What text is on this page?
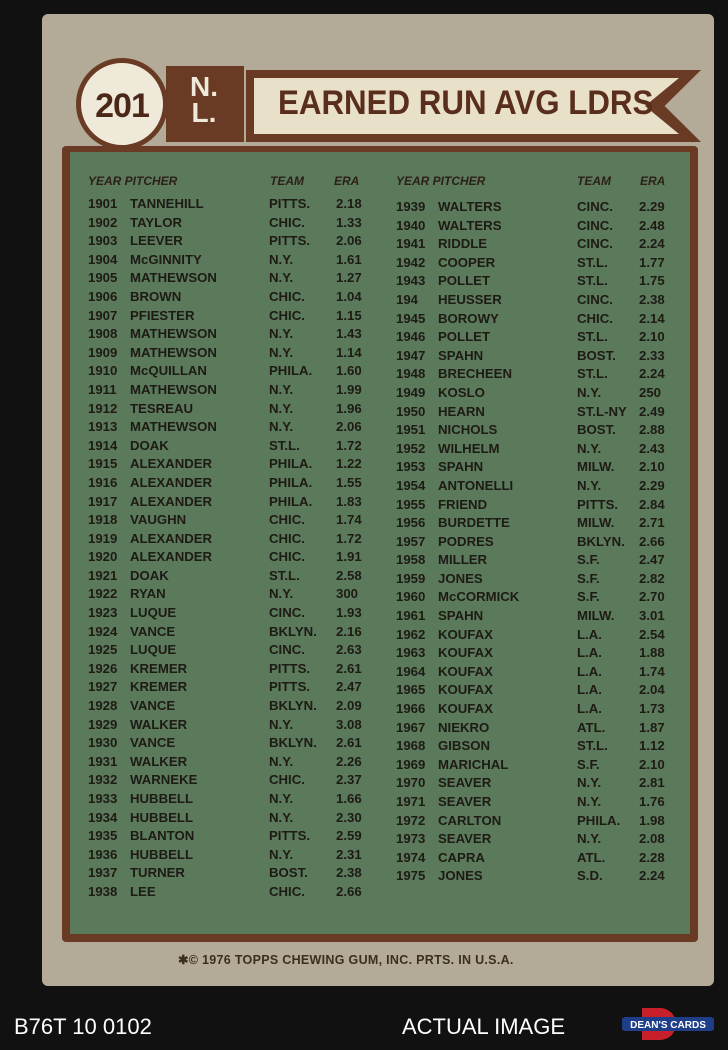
N.
L.
201	EARNED RUN AVG LDRS
YEAR PITCHER	TEAM	ERA	YEAR PITCHER	TEAM ERA
1901 TANNEHILL	PITTS. 2.18
1902 TAYLOR	CHIC. 1.33
1903 LEEVER	PITTS. 2.06
1904 McGINNITY	N.Y.	1.61
1905 MATHEWSON	N.Y.	1.27
1906 BROWN	CHIC. 1.04
1907 PFIESTER	CHIC. 1.15
1908 MATHEWSON	N.Y.	1.43
1909 MATHEWSON	N.Y.	1.14
1910 McQUILLAN	PHILA. 1.60
1911 MATHEWSON	N.Y.	1.99
1912 TESREAU	N.Y.	1.96
1913 MATHEWSON	N.Y.	2.06
1914 DOAK	ST.L.	1.72
1915 ALEXANDER	PHILA. 1.22
1916 ALEXANDER	PHILA. 1.55
1917 ALEXANDER	PHILA. 1.83
1918 VAUGHN	CHIC. 1.74
1919 ALEXANDER	CHIC. 1.72
1920 ALEXANDER	CHIC. 1.91
1921 DOAK	ST.L.	2.58
1922 RYAN	N.Y.	300
1923 LUQUE	CINC. 1.93
1924 VANCE	BKLYN. 2.16
1925 LUQUE	CINC. 2.63
1926 KREMER	PITTS. 2.61
1927 KREMER	PITTS. 2.47
1928 VANCE	BKLYN. 2.09
1929 WALKER	N.Y.	3.08
1930 VANCE	BKLYN. 2.61
1931 WALKER	N.Y.	2.26
1932 WARNEKE	CHIC. 2.37
1933 HUBBELL	N.Y.	1.66
1934 HUBBELL	N.Y.	2.30
1935 BLANTON	PITTS. 2.59
1936 HUBBELL	N.Y.	2.31
1937 TURNER	BOST. 2.38
1938 LEE	CHIC. 2.66
1939 WALTERS	CINC. 2.29
1940 WALTERS	CINC. 2.48
1941 RIDDLE	CINC. 2.24
1942 COOPER	ST.L. 1.77
1943 POLLET	ST.L. 1.75
194 HEUSSER	CINC. 2.38
1945 BOROWY	CHIC. 2.14
1946 POLLET	ST.L. 2.10
1947 SPAHN	BOST. 2.33
1948 BRECHEEN	ST.L. 2.24
1949 KOSLO	N.Y.	250
1950 HEARN	ST.L-NY 2.49
1951 NICHOLS	BOST. 2.88
1952 WILHELM	N.Y.	2.43
1953 SPAHN	MILW. 2.10
1954 ANTONELLI	N.Y.	2.29
1955 FRIEND	PITTS. 2.84
1956 BURDETTE	MILW. 2.71
1957 PODRES	BKLYN. 2.66
1958 MILLER	S.F.	2.47
1959 JONES	S.F.	2.82
1960 McCORMICK	S.F.	2.70
1961 SPAHN	MILW. 3.01
1962 KOUFAX	L.A.	2.54
1963 KOUFAX	L.A.	1.88
1964 KOUFAX	L.A.	1.74
1965 KOUFAX	L.A.	2.04
1966 KOUFAX	L.A.	1.73
1967 NIEKRO	ATL.	1.87
1968 GIBSON	ST.L. 1.12
1969 MARICHAL	S.F.	2.10
1970 SEAVER	N.Y.	2.81
1971 SEAVER	N.Y.	1.76
1972 CARLTON	PHILA. 1.98
1973 SEAVER	N.Y.	2.08
1974 CAPRA	ATL.	2.28
1975 JONES	S.D.	2.24
✱© 1976 TOPPS CHEWING GUM, INC. PRTS. IN U.S.A.
B76T 10 0102	ACTUAL IMAGE	DEAN'S CARDS
